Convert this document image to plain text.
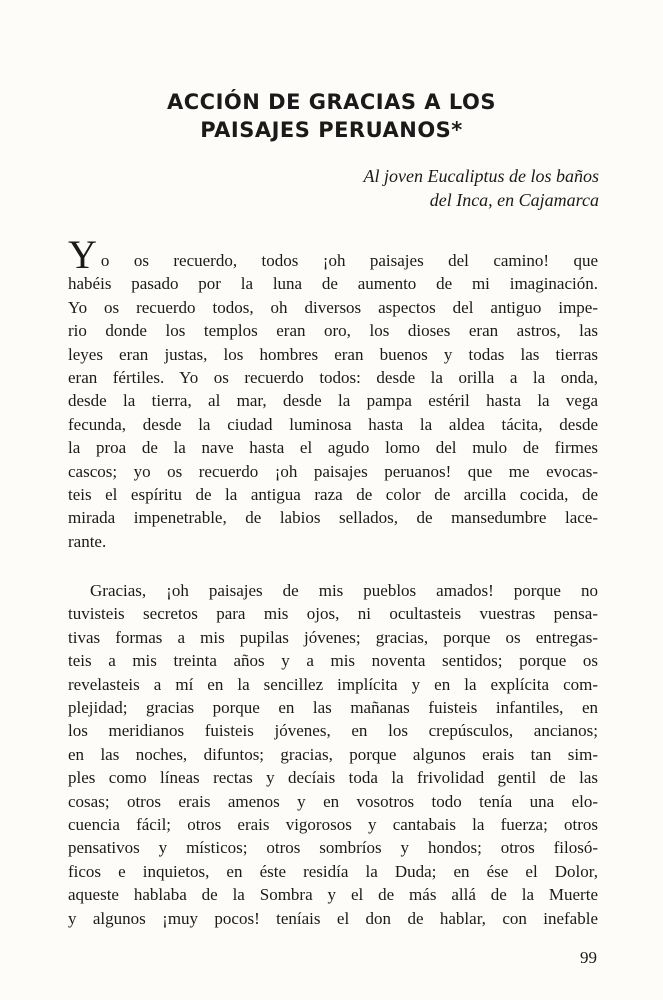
ACCIÓN DE GRACIAS A LOS
PAISAJES PERUANOS*
Al joven Eucaliptus de los baños
del Inca, en Cajamarca
Yo os recuerdo, todos ¡oh paisajes del camino! que
habéis pasado por la luna de aumento de mi imaginación.
Yo os recuerdo todos, oh diversos aspectos del antiguo impe-
rio donde los templos eran oro, los dioses eran astros, las
leyes eran justas, los hombres eran buenos y todas las tierras
eran fértiles. Yo os recuerdo todos: desde la orilla a la onda,
desde la tierra, al mar, desde la pampa estéril hasta la vega
fecunda, desde la ciudad luminosa hasta la aldea tácita, desde
la proa de la nave hasta el agudo lomo del mulo de firmes
cascos; yo os recuerdo ¡oh paisajes peruanos! que me evocas-
teis el espíritu de la antigua raza de color de arcilla cocida, de
mirada impenetrable, de labios sellados, de mansedumbre lace-
rante.
Gracias, ¡oh paisajes de mis pueblos amados! porque no
tuvisteis secretos para mis ojos, ni ocultasteis vuestras pensa-
tivas formas a mis pupilas jóvenes; gracias, porque os entregas-
teis a mis treinta años y a mis noventa sentidos; porque os
revelasteis a mí en la sencillez implícita y en la explícita com-
plejidad; gracias porque en las mañanas fuisteis infantiles, en
los meridianos fuisteis jóvenes, en los crepúsculos, ancianos;
en las noches, difuntos; gracias, porque algunos erais tan sim-
ples como líneas rectas y decíais toda la frivolidad gentil de las
cosas; otros erais amenos y en vosotros todo tenía una elo-
cuencia fácil; otros erais vigorosos y cantabais la fuerza; otros
pensativos y místicos; otros sombríos y hondos; otros filosó-
ficos e inquietos, en éste residía la Duda; en ése el Dolor,
aqueste hablaba de la Sombra y el de más allá de la Muerte
y algunos ¡muy pocos! teníais el don de hablar, con inefable
99
